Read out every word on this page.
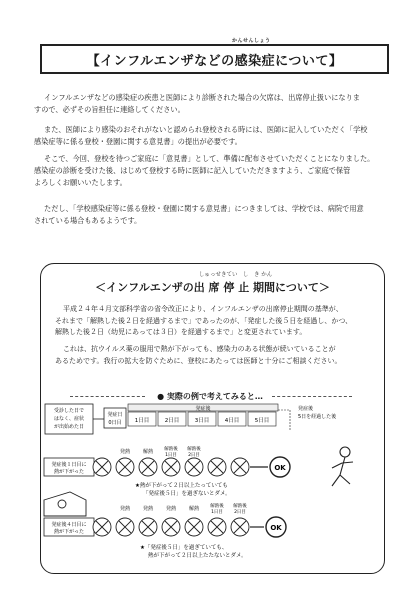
かんせんしょう
【インフルエンザなどの感染症について】
インフルエンザなどの感染症の疾患と医師により診断された場合の欠席は、出席停止扱いになりま
すので、必ずその旨担任に連絡してください。
また、医師により感染のおそれがないと認められ登校される時には、医師に記入していただく「学校
感染症等に係る登校・登園に関する意見書」の提出が必要です。
そこで、今回、登校を待つご家庭に「意見書」として、準備に配布させていただくことになりました。
感染症の診断を受けた後、はじめて登校する時に医師に記入していただきますよう、ご家庭で保管
よろしくお願いいたします。
ただし、「学校感染症等に係る登校・登園に関する意見書」につきましては、学校では、病院で用意
されている場合もあるようです。
しゅっせきてい　し　き かん
＜インフルエンザの出 席 停 止 期間について＞
平成２４年４月文部科学省の省令改正により、インフルエンザの出席停止期間の基準が、
それまで「解熱した後２日を経過するまで」であったのが、「発症した後５日を経過し、かつ、
解熱した後２日（幼児にあっては３日）を経過するまで」と変更されています。
これは、抗ウイルス薬の服用で熱が下がっても、感染力のある状態が続いていることが
あるためです。我行の拡大を防ぐために、登校にあたっては医師と十分にご相談ください。
● 実際の例で考えてみると…
受診した日で
はなく、症状
が出始めた日
発症日
0日目
発症後
1日目	2日目	3日目	4日目	5日目
発症後
5日を経過した後
発熱	解熱 解熱後
1日目
解熱後
2日目
発症後１日目に
熱が下がった	OK
★熱が下がって２日以上たっていても
「発症後５日」を過ぎないとダメ。
発熱	発熱	発熱	解熱 解熱後
1日目
解熱後
2日目
発症後４日目に
熱が下がった	OK
★「発症後５日」を過ぎていても、
熱が下がって２日以上たたないとダメ。
